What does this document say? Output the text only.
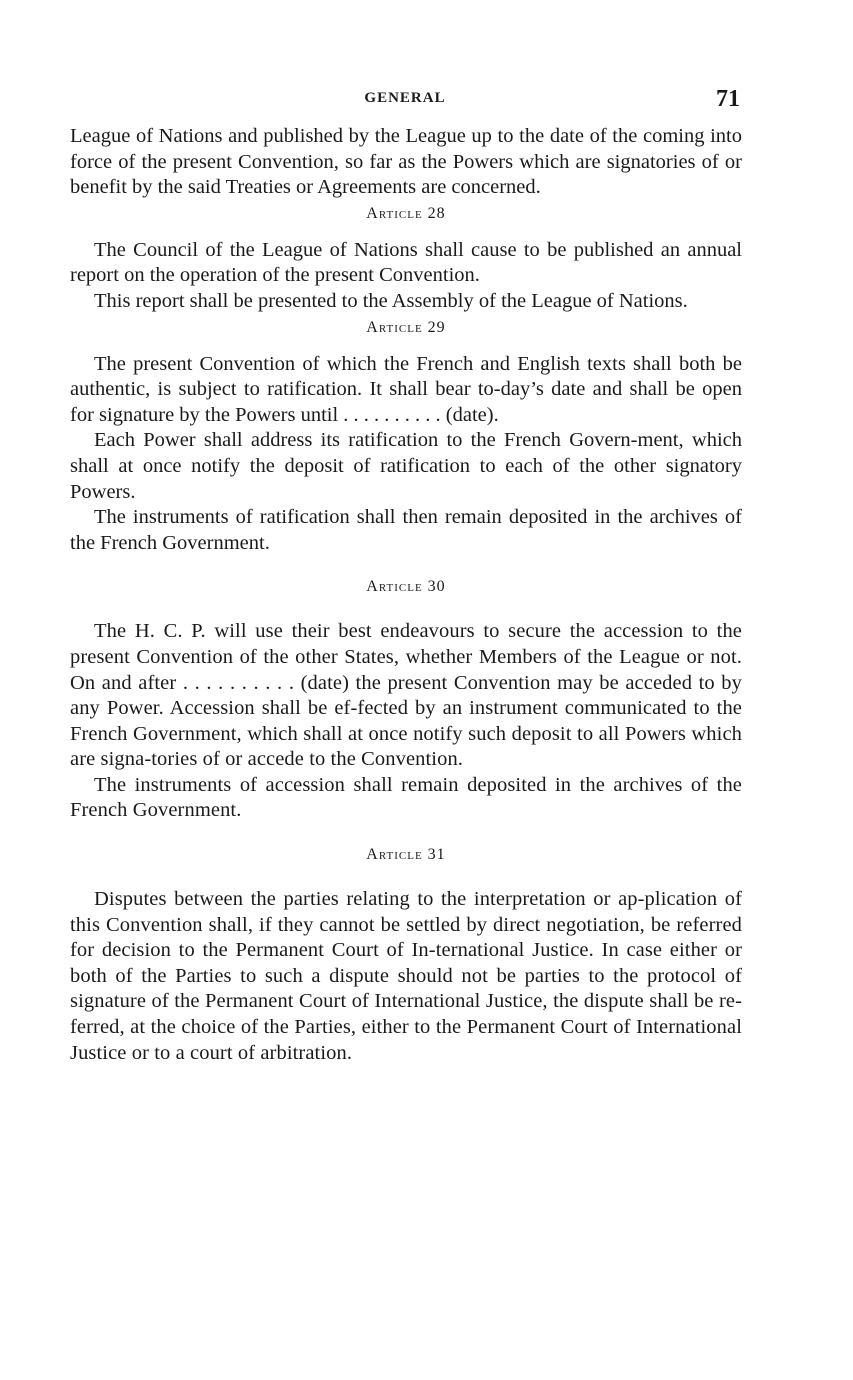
GENERAL	71

League of Nations and published by the League up to the date of the coming into force of the present Convention, so far as the Powers which are signatories of or benefit by the said Treaties or Agreements are concerned.

Article 28

The Council of the League of Nations shall cause to be published an annual report on the operation of the present Convention.

This report shall be presented to the Assembly of the League of Nations.

Article 29

The present Convention of which the French and English texts shall both be authentic, is subject to ratification. It shall bear to-day’s date and shall be open for signature by the Powers until . . . . . . . . . . (date).

Each Power shall address its ratification to the French Govern-ment, which shall at once notify the deposit of ratification to each of the other signatory Powers.

The instruments of ratification shall then remain deposited in the archives of the French Government.

Article 30

The H. C. P. will use their best endeavours to secure the accession to the present Convention of the other States, whether Members of the League or not. On and after . . . . . . . . . . (date) the present Convention may be acceded to by any Power. Accession shall be ef-fected by an instrument communicated to the French Government, which shall at once notify such deposit to all Powers which are signa-tories of or accede to the Convention.

The instruments of accession shall remain deposited in the archives of the French Government.

Article 31

Disputes between the parties relating to the interpretation or ap-plication of this Convention shall, if they cannot be settled by direct negotiation, be referred for decision to the Permanent Court of In-ternational Justice. In case either or both of the Parties to such a dispute should not be parties to the protocol of signature of the Permanent Court of International Justice, the dispute shall be re-ferred, at the choice of the Parties, either to the Permanent Court of International Justice or to a court of arbitration.
